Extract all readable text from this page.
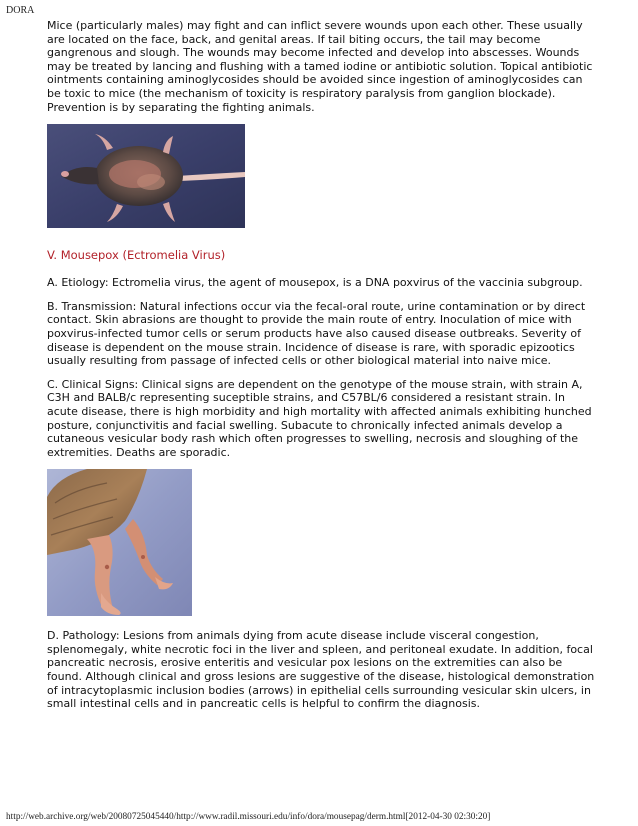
DORA

Mice (particularly males) may fight and can inflict severe wounds upon each other. These usually are located on the face, back, and genital areas. If tail biting occurs, the tail may become gangrenous and slough. The wounds may become infected and develop into abscesses. Wounds may be treated by lancing and flushing with a tamed iodine or antibiotic solution. Topical antibiotic ointments containing aminoglycosides should be avoided since ingestion of aminoglycosides can be toxic to mice (the mechanism of toxicity is respiratory paralysis from ganglion blockade). Prevention is by separating the fighting animals.

V. Mousepox (Ectromelia Virus)

A. Etiology: Ectromelia virus, the agent of mousepox, is a DNA poxvirus of the vaccinia subgroup.

B. Transmission: Natural infections occur via the fecal-oral route, urine contamination or by direct contact. Skin abrasions are thought to provide the main route of entry. Inoculation of mice with poxvirus-infected tumor cells or serum products have also caused disease outbreaks. Severity of disease is dependent on the mouse strain. Incidence of disease is rare, with sporadic epizootics usually resulting from passage of infected cells or other biological material into naive mice.

C. Clinical Signs: Clinical signs are dependent on the genotype of the mouse strain, with strain A, C3H and BALB/c representing suceptible strains, and C57BL/6 considered a resistant strain. In acute disease, there is high morbidity and high mortality with affected animals exhibiting hunched posture, conjunctivitis and facial swelling. Subacute to chronically infected animals develop a cutaneous vesicular body rash which often progresses to swelling, necrosis and sloughing of the extremities. Deaths are sporadic.

D. Pathology: Lesions from animals dying from acute disease include visceral congestion, splenomegaly, white necrotic foci in the liver and spleen, and peritoneal exudate. In addition, focal pancreatic necrosis, erosive enteritis and vesicular pox lesions on the extremities can also be found. Although clinical and gross lesions are suggestive of the disease, histological demonstration of intracytoplasmic inclusion bodies (arrows) in epithelial cells surrounding vesicular skin ulcers, in small intestinal cells and in pancreatic cells is helpful to confirm the diagnosis.

http://web.archive.org/web/20080725045440/http://www.radil.missouri.edu/info/dora/mousepag/derm.html[2012-04-30 02:30:20]
